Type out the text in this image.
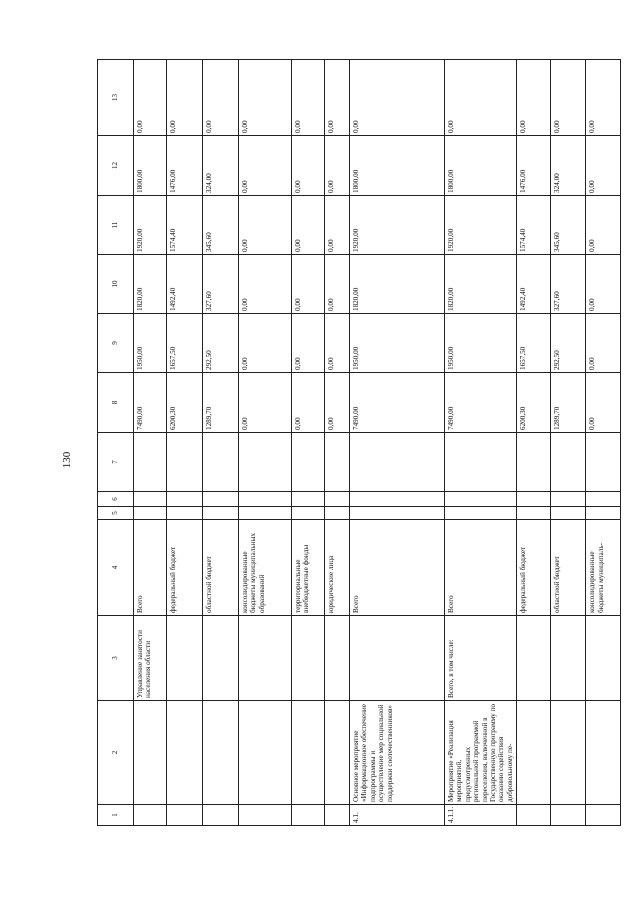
130
1	2	3	4	5	6	7	8	9	10	11	12	13
		Управление занятости населения области	Всего				7490,00	1950,00	1820,00	1920,00	1800,00	0,00
			федеральный бюджет				6200,30	1657,50	1492,40	1574,40	1476,00	0,00
			областной бюджет				1289,70	292,50	327,60	345,60	324,00	0,00
			консолидированные бюджеты муниципальных образований				0,00	0,00	0,00	0,00	0,00	0,00
			территориальные внебюджетные фонды				0,00	0,00	0,00	0,00	0,00	0,00
			юридические лица				0,00	0,00	0,00	0,00	0,00	0,00
4.1.	Основное мероприятие «Информационное обеспечение подпрограммы и осуществление мер социальной поддержки соотечественников»		Всего				7490,00	1950,00	1820,00	1920,00	1800,00	0,00
4.1.1.	Мероприятие «Реализация мероприятий, предусмотренных региональной программой переселения, включенной в Государственную программу по оказанию содействия добровольному пе-	Всего, в том числе:	Всего				7490,00	1950,00	1820,00	1920,00	1800,00	0,00
			федеральный бюджет				6200,30	1657,50	1492,40	1574,40	1476,00	0,00
			областной бюджет				1289,70	292,50	327,60	345,60	324,00	0,00
			консолидированные бюджеты муниципаль-				0,00	0,00	0,00	0,00	0,00	0,00
